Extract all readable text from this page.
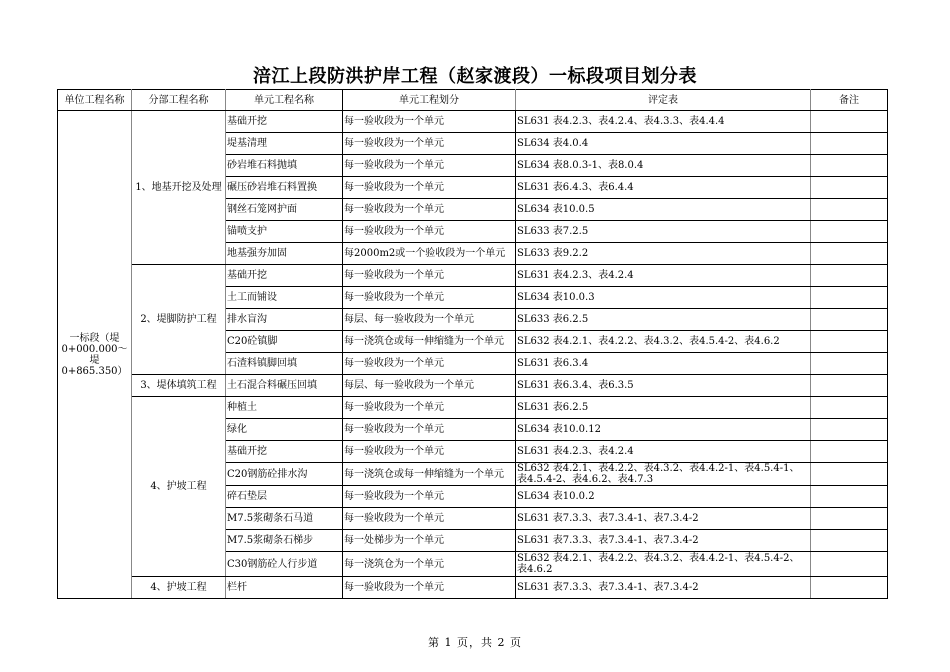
涪江上段防洪护岸工程（赵家渡段）一标段项目划分表
单位工程名称	分部工程名称	单元工程名称	单元工程划分	评定表	备注
一标段（堤0+000.000～堤0+865.350）	1、地基开挖及处理	基础开挖	每一验收段为一个单元	SL631 表4.2.3、表4.2.4、表4.3.3、表4.4.4	
		堤基清理	每一验收段为一个单元	SL634 表4.0.4	
		砂岩堆石料抛填	每一验收段为一个单元	SL634 表8.0.3-1、表8.0.4	
		碾压砂岩堆石料置换	每一验收段为一个单元	SL631 表6.4.3、表6.4.4	
		钢丝石笼网护面	每一验收段为一个单元	SL634 表10.0.5	
		锚喷支护	每一验收段为一个单元	SL633 表7.2.5	
		地基强夯加固	每2000m2或一个验收段为一个单元	SL633 表9.2.2	
	2、堤脚防护工程	基础开挖	每一验收段为一个单元	SL631 表4.2.3、表4.2.4	
		土工而铺设	每一验收段为一个单元	SL634 表10.0.3	
		排水盲沟	每层、每一验收段为一个单元	SL633 表6.2.5	
		C20砼镇脚	每一浇筑仓或每一伸缩缝为一个单元	SL632 表4.2.1、表4.2.2、表4.3.2、表4.5.4-2、表4.6.2	
		石渣料镇脚回填	每一验收段为一个单元	SL631 表6.3.4	
	3、堤体填筑工程	土石混合料碾压回填	每层、每一验收段为一个单元	SL631 表6.3.4、表6.3.5	
	4、护坡工程	种植土	每一验收段为一个单元	SL631 表6.2.5	
		绿化	每一验收段为一个单元	SL634 表10.0.12	
		基础开挖	每一验收段为一个单元	SL631 表4.2.3、表4.2.4	
		C20钢筋砼排水沟	每一浇筑仓或每一伸缩缝为一个单元	SL632 表4.2.1、表4.2.2、表4.3.2、表4.4.2-1、表4.5.4-1、表4.5.4-2、表4.6.2、表4.7.3	
		碎石垫层	每一验收段为一个单元	SL634 表10.0.2	
		M7.5浆砌条石马道	每一验收段为一个单元	SL631 表7.3.3、表7.3.4-1、表7.3.4-2	
		M7.5浆砌条石梯步	每一处梯步为一个单元	SL631 表7.3.3、表7.3.4-1、表7.3.4-2	
		C30钢筋砼人行步道	每一浇筑仓为一个单元	SL632 表4.2.1、表4.2.2、表4.3.2、表4.4.2-1、表4.5.4-2、表4.6.2	
	4、护坡工程	栏杆	每一验收段为一个单元	SL631 表7.3.3、表7.3.4-1、表7.3.4-2	
第 1 页，共 2 页
